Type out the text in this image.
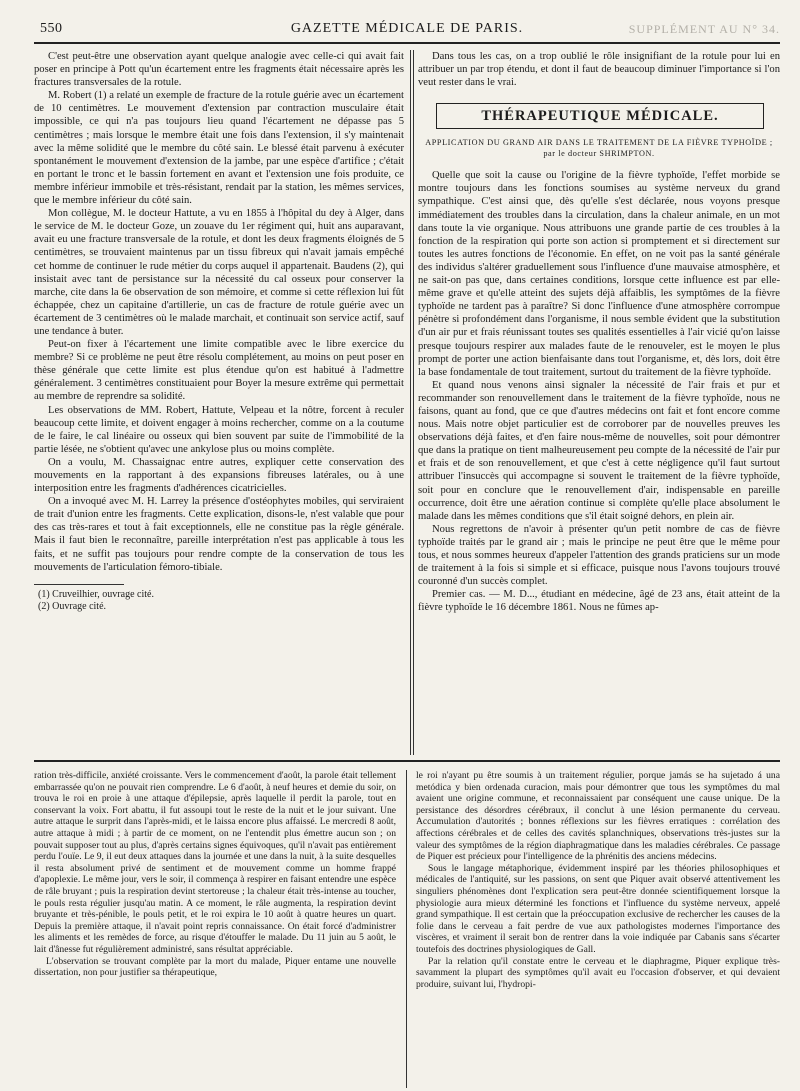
550	GAZETTE MÉDICALE DE PARIS.	SUPPLÉMENT AU N° 34.

C'est peut-être une observation ayant quelque analogie avec celle-ci qui avait fait poser en principe à Pott qu'un écartement entre les fragments était nécessaire après les fractures transversales de la rotule.

M. Robert (1) a relaté un exemple de fracture de la rotule guérie avec un écartement de 10 centimètres. Le mouvement d'extension par contraction musculaire était impossible, ce qui n'a pas toujours lieu quand l'écartement ne dépasse pas 5 centimètres ; mais lorsque le membre était une fois dans l'extension, il s'y maintenait avec la même solidité que le membre du côté sain. Le blessé était parvenu à exécuter spontanément le mouvement d'extension de la jambe, par une espèce d'artifice ; c'était en portant le tronc et le bassin fortement en avant et l'extension une fois produite, ce membre inférieur immobile et très-résistant, rendait par la station, les mêmes services, que le membre inférieur du côté sain.

Mon collègue, M. le docteur Hattute, a vu en 1855 à l'hôpital du dey à Alger, dans le service de M. le docteur Goze, un zouave du 1er régiment qui, huit ans auparavant, avait eu une fracture transversale de la rotule, et dont les deux fragments éloignés de 5 centimètres, se trouvaient maintenus par un tissu fibreux qui n'avait jamais empêché cet homme de continuer le rude métier du corps auquel il appartenait. Baudens (2), qui insistait avec tant de persistance sur la nécessité du cal osseux pour conserver la marche, cite dans la 6e observation de son mémoire, et comme si cette réflexion lui fût échappée, chez un capitaine d'artillerie, un cas de fracture de rotule guérie avec un écartement de 3 centimètres où le malade marchait, et continuait son service actif, sauf une tendance à buter.

Peut-on fixer à l'écartement une limite compatible avec le libre exercice du membre? Si ce problème ne peut être résolu complétement, au moins on peut poser en thèse générale que cette limite est plus étendue qu'on est habitué à l'admettre généralement. 3 centimètres constituaient pour Boyer la mesure extrême qui permettait au membre de reprendre sa solidité.

Les observations de MM. Robert, Hattute, Velpeau et la nôtre, forcent à reculer beaucoup cette limite, et doivent engager à moins rechercher, comme on a la coutume de le faire, le cal linéaire ou osseux qui bien souvent par suite de l'immobilité de la partie lésée, ne s'obtient qu'avec une ankylose plus ou moins complète.

On a voulu, M. Chassaignac entre autres, expliquer cette conservation des mouvements en la rapportant à des expansions fibreuses latérales, ou à une interposition entre les fragments d'adhérences cicatricielles.

On a invoqué avec M. H. Larrey la présence d'ostéophytes mobiles, qui serviraient de trait d'union entre les fragments. Cette explication, disons-le, n'est valable que pour des cas très-rares et tout à fait exceptionnels, elle ne constitue pas la règle générale. Mais il faut bien le reconnaître, pareille interprétation n'est pas applicable à tous les faits, et ne suffit pas toujours pour rendre compte de la conservation de tous les mouvements de l'articulation fémoro-tibiale.

(1) Cruveilhier, ouvrage cité.

(2) Ouvrage cité.

Dans tous les cas, on a trop oublié le rôle insignifiant de la rotule pour lui en attribuer un par trop étendu, et dont il faut de beaucoup diminuer l'importance si l'on veut rester dans le vrai.

THÉRAPEUTIQUE MÉDICALE.
APPLICATION DU GRAND AIR DANS LE TRAITEMENT DE LA FIÈVRE TYPHOÏDE ; par le docteur SHRIMPTON.

Quelle que soit la cause ou l'origine de la fièvre typhoïde, l'effet morbide se montre toujours dans les fonctions soumises au système nerveux du grand sympathique. C'est ainsi que, dès qu'elle s'est déclarée, nous voyons presque immédiatement des troubles dans la circulation, dans la chaleur animale, en un mot dans toute la vie organique. Nous attribuons une grande partie de ces troubles à la fonction de la respiration qui porte son action si promptement et si directement sur toutes les autres fonctions de l'économie. En effet, on ne voit pas la santé générale des individus s'altérer graduellement sous l'influence d'une mauvaise atmosphère, et ne sait-on pas que, dans certaines conditions, lorsque cette influence est par elle-même grave et qu'elle atteint des sujets déjà affaiblis, les symptômes de la fièvre typhoïde ne tardent pas à paraître? Si donc l'influence d'une atmosphère corrompue pénètre si profondément dans l'organisme, il nous semble évident que la substitution d'un air pur et frais réunissant toutes ses qualités essentielles à l'air vicié qu'on laisse presque toujours respirer aux malades faute de le renouveler, est le moyen le plus prompt de porter une action bienfaisante dans tout l'organisme, et, dès lors, doit être la base fondamentale de tout traitement, surtout du traitement de la fièvre typhoïde.

Et quand nous venons ainsi signaler la nécessité de l'air frais et pur et recommander son renouvellement dans le traitement de la fièvre typhoïde, nous ne faisons, quant au fond, que ce que d'autres médecins ont fait et font encore comme nous. Mais notre objet particulier est de corroborer par de nouvelles preuves les observations déjà faites, et d'en faire nous-même de nouvelles, soit pour démontrer que dans la pratique on tient malheureusement peu compte de la nécessité de l'air pur et frais et de son renouvellement, et que c'est à cette négligence qu'il faut surtout attribuer l'insuccès qui accompagne si souvent le traitement de la fièvre typhoïde, soit pour en conclure que le renouvellement d'air, indispensable en pareille occurrence, doit être une aération continue si complète qu'elle place absolument le malade dans les mêmes conditions que s'il était soigné dehors, en plein air.

Nous regrettons de n'avoir à présenter qu'un petit nombre de cas de fièvre typhoïde traités par le grand air ; mais le principe ne peut être que le même pour tous, et nous sommes heureux d'appeler l'attention des grands praticiens sur un mode de traitement à la fois si simple et si efficace, puisque nous l'avons toujours trouvé couronné d'un succès complet.

Premier cas. — M. D..., étudiant en médecine, âgé de 23 ans, était atteint de la fièvre typhoïde le 16 décembre 1861. Nous ne fûmes ap-

ration très-difficile, anxiété croissante. Vers le commencement d'août, la parole était tellement embarrassée qu'on ne pouvait rien comprendre. Le 6 d'août, à neuf heures et demie du soir, on trouva le roi en proie à une attaque d'épilepsie, après laquelle il perdit la parole, tout en conservant la voix. Fort abattu, il fut assoupi tout le reste de la nuit et le jour suivant. Une autre attaque le surprit dans l'après-midi, et le laissa encore plus affaissé. Le mercredi 8 août, autre attaque à midi ; à partir de ce moment, on ne l'entendit plus émettre aucun son ; on pouvait supposer tout au plus, d'après certains signes équivoques, qu'il n'avait pas entièrement perdu l'ouïe. Le 9, il eut deux attaques dans la journée et une dans la nuit, à la suite desquelles il resta absolument privé de sentiment et de mouvement comme un homme frappé d'apoplexie. Le même jour, vers le soir, il commença à respirer en faisant entendre une espèce de râle bruyant ; puis la respiration devint stertoreuse ; la chaleur était très-intense au toucher, le pouls resta régulier jusqu'au matin. A ce moment, le râle augmenta, la respiration devint bruyante et très-pénible, le pouls petit, et le roi expira le 10 août à quatre heures un quart. Depuis la première attaque, il n'avait point repris connaissance. On était forcé d'administrer les aliments et les remèdes de force, au risque d'étouffer le malade. Du 11 juin au 5 août, le lait d'ânesse fut régulièrement administré, sans résultat appréciable.

L'observation se trouvant complète par la mort du malade, Piquer entame une nouvelle dissertation, non pour justifier sa thérapeutique,

le roi n'ayant pu être soumis à un traitement régulier, porque jamás se ha sujetado á una metódica y bien ordenada curacion, mais pour démontrer que tous les symptômes du mal avaient une origine commune, et reconnaissaient par conséquent une cause unique. De la persistance des désordres cérébraux, il conclut à une lésion permanente du cerveau. Accumulation d'autorités ; bonnes réflexions sur les fièvres erratiques : corrélation des affections cérébrales et de celles des cavités splanchniques, observations très-justes sur la valeur des symptômes de la région diaphragmatique dans les maladies cérébrales. Ce passage de Piquer est précieux pour l'intelligence de la phrénitis des anciens médecins.

Sous le langage métaphorique, évidemment inspiré par les théories philosophiques et médicales de l'antiquité, sur les passions, on sent que Piquer avait observé attentivement les singuliers phénomènes dont l'explication sera peut-être donnée scientifiquement lorsque la physiologie aura mieux déterminé les fonctions et l'influence du système nerveux, appelé grand sympathique. Il est certain que la préoccupation exclusive de rechercher les causes de la folie dans le cerveau a fait perdre de vue aux pathologistes modernes l'importance des viscères, et vraiment il serait bon de rentrer dans la voie indiquée par Cabanis sans s'écarter toutefois des doctrines physiologiques de Gall.

Par la relation qu'il constate entre le cerveau et le diaphragme, Piquer explique très-savamment la plupart des symptômes qu'il avait eu l'occasion d'observer, et qui devaient produire, suivant lui, l'hydropi-
